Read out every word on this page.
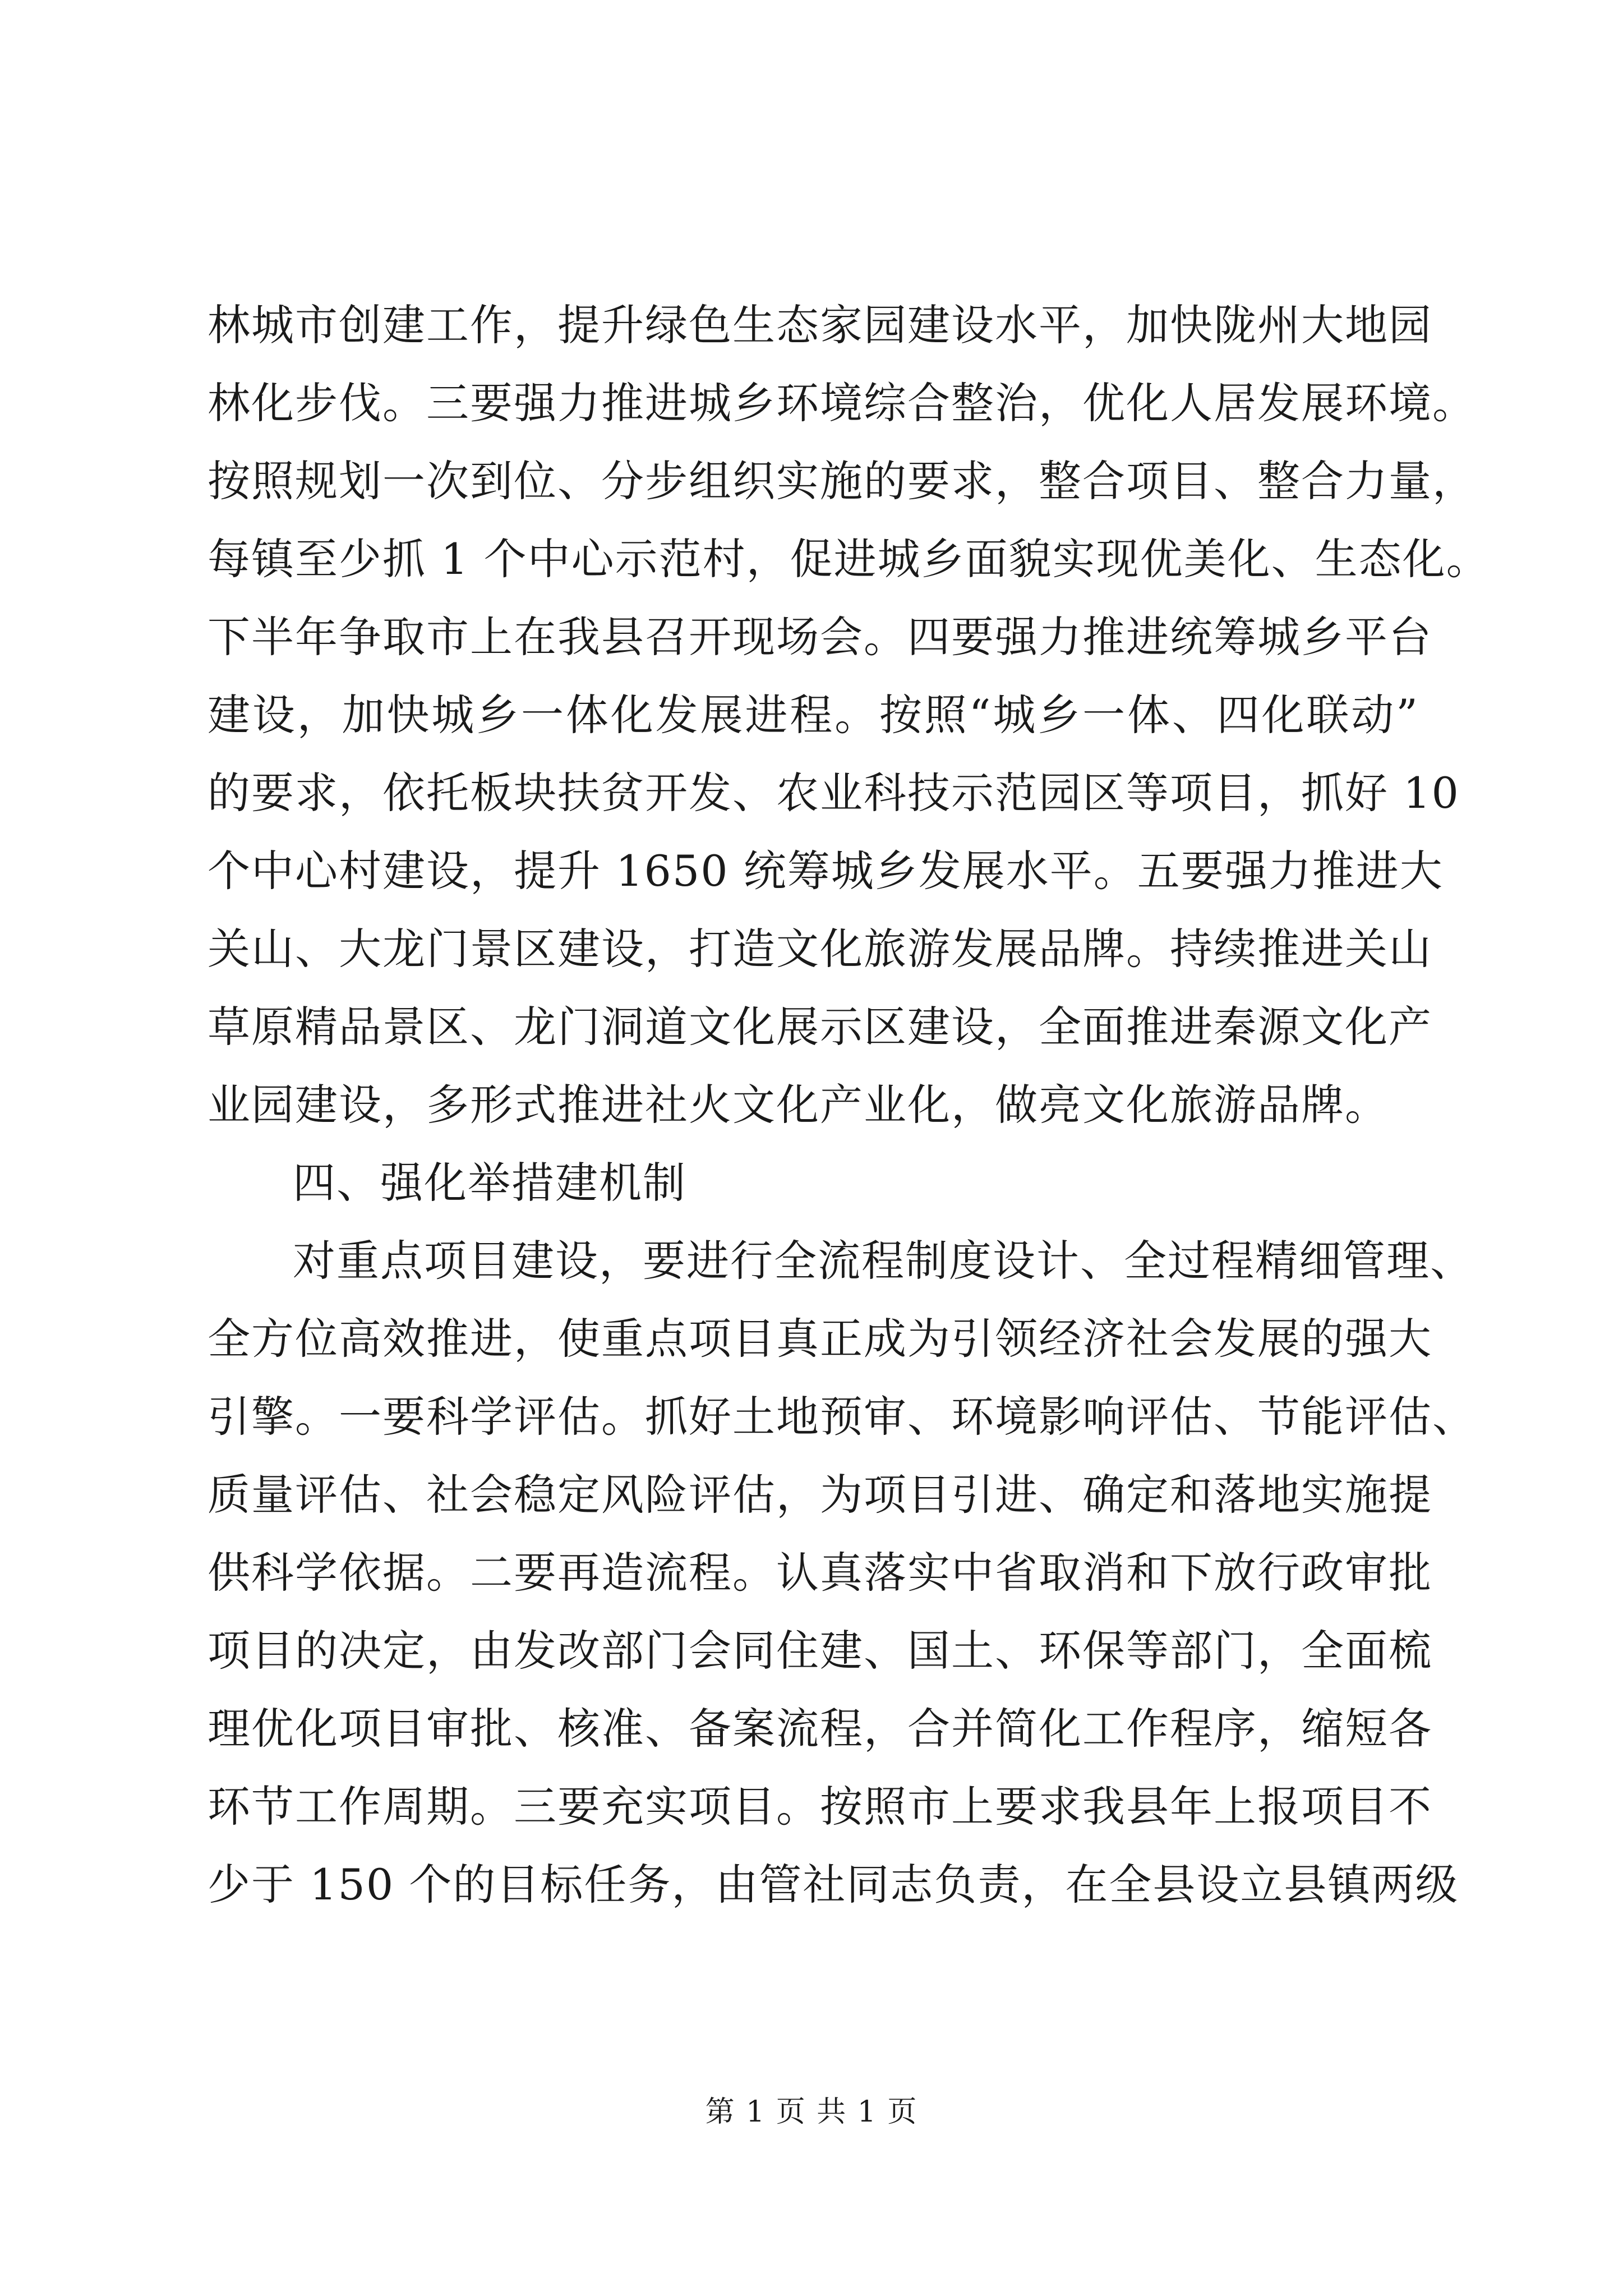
林城市创建工作，提升绿色生态家园建设水平，加快陇州大地园
林化步伐。三要强力推进城乡环境综合整治，优化人居发展环境。
按照规划一次到位、分步组织实施的要求，整合项目、整合力量，
每镇至少抓 1 个中心示范村，促进城乡面貌实现优美化、生态化。
下半年争取市上在我县召开现场会。四要强力推进统筹城乡平台
建设，加快城乡一体化发展进程。按照“城乡一体、四化联动”
的要求，依托板块扶贫开发、农业科技示范园区等项目，抓好 10
个中心村建设，提升 1650 统筹城乡发展水平。五要强力推进大
关山、大龙门景区建设，打造文化旅游发展品牌。持续推进关山
草原精品景区、龙门洞道文化展示区建设，全面推进秦源文化产
业园建设，多形式推进社火文化产业化，做亮文化旅游品牌。
四、强化举措建机制
对重点项目建设，要进行全流程制度设计、全过程精细管理、
全方位高效推进，使重点项目真正成为引领经济社会发展的强大
引擎。一要科学评估。抓好土地预审、环境影响评估、节能评估、
质量评估、社会稳定风险评估，为项目引进、确定和落地实施提
供科学依据。二要再造流程。认真落实中省取消和下放行政审批
项目的决定，由发改部门会同住建、国土、环保等部门，全面梳
理优化项目审批、核准、备案流程，合并简化工作程序，缩短各
环节工作周期。三要充实项目。按照市上要求我县年上报项目不
少于 150 个的目标任务，由管社同志负责，在全县设立县镇两级
第 1 页 共 1 页
